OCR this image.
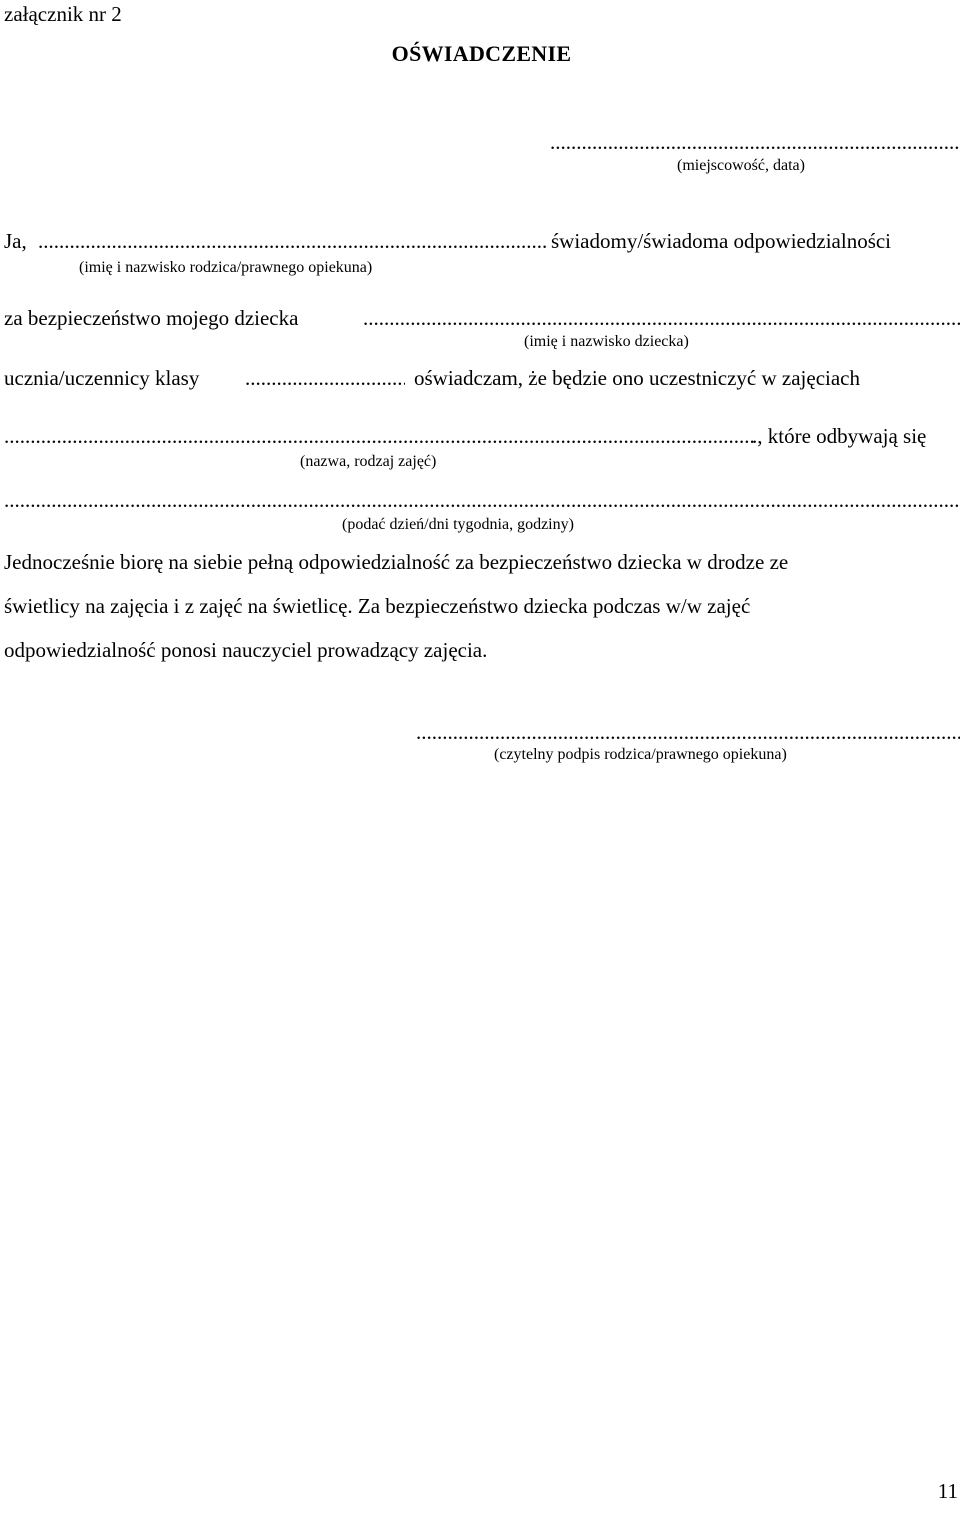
załącznik nr 2
OŚWIADCZENIE
.....
(miejscowość, data)
Ja, .....	świadomy/świadoma odpowiedzialności
(imię i nazwisko rodzica/prawnego opiekuna)
za bezpieczeństwo mojego dziecka
.....
(imię i nazwisko dziecka)
ucznia/uczennicy klasy .....	oświadczam, że będzie ono uczestniczyć w zajęciach
.....
., które odbywają się
(nazwa, rodzaj zajęć)
.....
(podać dzień/dni tygodnia, godziny)
Jednocześnie biorę na siebie pełną odpowiedzialność za bezpieczeństwo dziecka w drodze ze
świetlicy na zajęcia i z zajęć na świetlicę. Za bezpieczeństwo dziecka podczas w/w zajęć
odpowiedzialność ponosi nauczyciel prowadzący zajęcia.
.....
(czytelny podpis rodzica/prawnego opiekuna)
11
